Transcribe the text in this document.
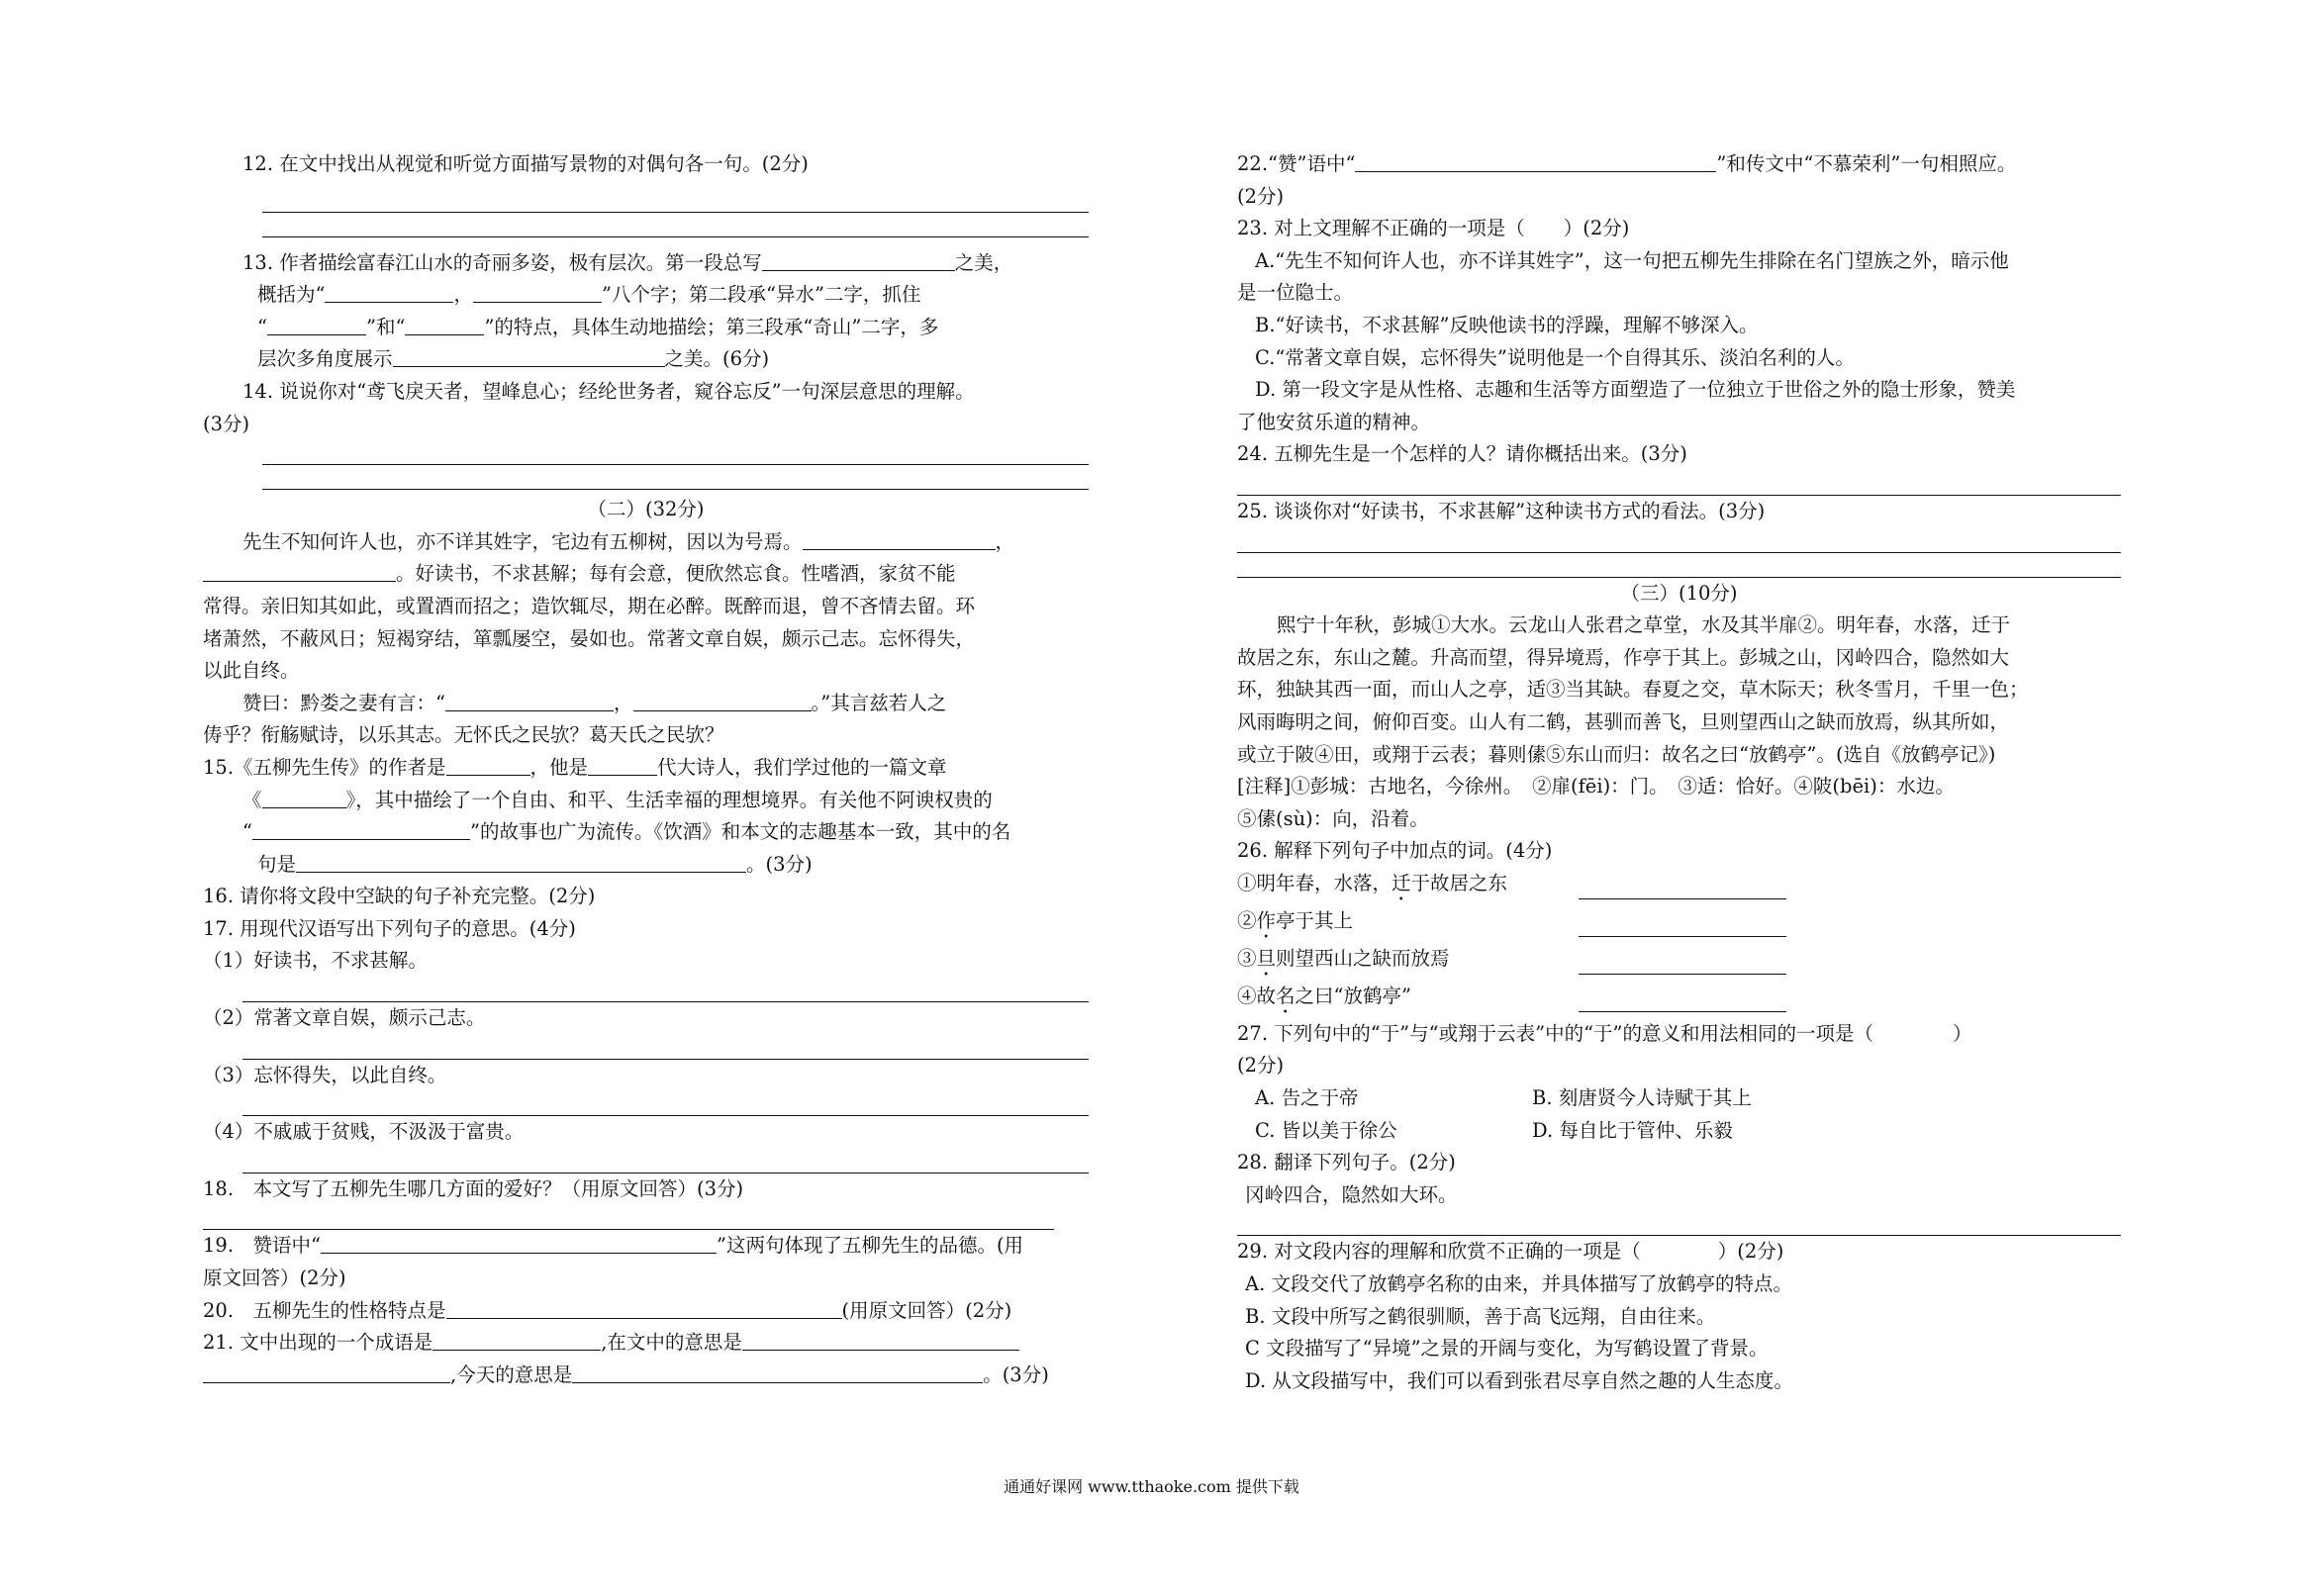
12. 在文中找出从视觉和听觉方面描写景物的对偶句各一句。(2分)
13. 作者描绘富春江山水的奇丽多姿，极有层次。第一段总写	之美，
概括为“	，	”八个字；第二段承“异水”二字，抓住
“	”和“	”的特点，具体生动地描绘；第三段承“奇山”二字，多
层次多角度展示	之美。(6分)
14. 说说你对“鸢飞戾天者，望峰息心；经纶世务者，窥谷忘反”一句深层意思的理解。
(3分)
（二）(32分)
先生不知何许人也，亦不详其姓字，宅边有五柳树，因以为号焉。	，
。好读书，不求甚解；每有会意，便欣然忘食。性嗜酒，家贫不能
常得。亲旧知其如此，或置酒而招之；造饮辄尽，期在必醉。既醉而退，曾不吝情去留。环
堵萧然，不蔽风日；短褐穿结，箪瓢屡空，晏如也。常著文章自娱，颇示己志。忘怀得失，
以此自终。
赞曰：黔娄之妻有言：“	，	。”其言兹若人之
俦乎？衔觞赋诗，以乐其志。无怀氏之民欤？葛天氏之民欤？
15.《五柳先生传》的作者是	，他是	代大诗人，我们学过他的一篇文章
《	》，其中描绘了一个自由、和平、生活幸福的理想境界。有关他不阿谀权贵的
“	”的故事也广为流传。《饮酒》和本文的志趣基本一致，其中的名
句是	。(3分)
16. 请你将文段中空缺的句子补充完整。(2分)
17. 用现代汉语写出下列句子的意思。(4分)
（1）好读书，不求甚解。
（2）常著文章自娱，颇示己志。
（3）忘怀得失，以此自终。
（4）不戚戚于贫贱，不汲汲于富贵。
18.　本文写了五柳先生哪几方面的爱好？（用原文回答）(3分)
19.　赞语中“	”这两句体现了五柳先生的品德。(用
原文回答）(2分)
20.　五柳先生的性格特点是	(用原文回答）(2分)
21. 文中出现的一个成语是	,在文中的意思是
,今天的意思是	。(3分)
22.“赞”语中“	”和传文中“不慕荣利”一句相照应。
(2分)
23. 对上文理解不正确的一项是（　　）(2分)
A.“先生不知何许人也，亦不详其姓字”，这一句把五柳先生排除在名门望族之外，暗示他
是一位隐士。
B.“好读书，不求甚解”反映他读书的浮躁，理解不够深入。
C.“常著文章自娱，忘怀得失”说明他是一个自得其乐、淡泊名利的人。
D. 第一段文字是从性格、志趣和生活等方面塑造了一位独立于世俗之外的隐士形象，赞美
了他安贫乐道的精神。
24. 五柳先生是一个怎样的人？请你概括出来。(3分)
25. 谈谈你对“好读书，不求甚解”这种读书方式的看法。(3分)
（三）(10分)
熙宁十年秋，彭城①大水。云龙山人张君之草堂，水及其半扉②。明年春，水落，迁于
故居之东，东山之麓。升高而望，得异境焉，作亭于其上。彭城之山，冈岭四合，隐然如大
环，独缺其西一面，而山人之亭，适③当其缺。春夏之交，草木际天；秋冬雪月，千里一色；
风雨晦明之间，俯仰百变。山人有二鹤，甚驯而善飞，旦则望西山之缺而放焉，纵其所如，
或立于陂④田，或翔于云表；暮则傃⑤东山而归：故名之曰“放鹤亭”。(选自《放鹤亭记》)
[注释]①彭城：古地名，今徐州。　②扉(fēi)：门。　③适：恰好。④陂(bēi)：水边。
⑤傃(sù)：向，沿着。
26. 解释下列句子中加点的词。(4分)
①明年春，水落，迁于故居之东
②作亭于其上
③旦则望西山之缺而放焉
④故名之曰“放鹤亭”
27. 下列句中的“于”与“或翔于云表”中的“于”的意义和用法相同的一项是（	）
(2分)
A. 告之于帝	B. 刻唐贤今人诗赋于其上
C. 皆以美于徐公	D. 每自比于管仲、乐毅
28. 翻译下列句子。(2分)
冈岭四合，隐然如大环。
29. 对文段内容的理解和欣赏不正确的一项是（　　　　）(2分)
A. 文段交代了放鹤亭名称的由来，并具体描写了放鹤亭的特点。
B. 文段中所写之鹤很驯顺，善于高飞远翔，自由往来。
C 文段描写了“异境”之景的开阔与变化，为写鹤设置了背景。
D. 从文段描写中，我们可以看到张君尽享自然之趣的人生态度。
通通好课网 www.tthaoke.com 提供下载
